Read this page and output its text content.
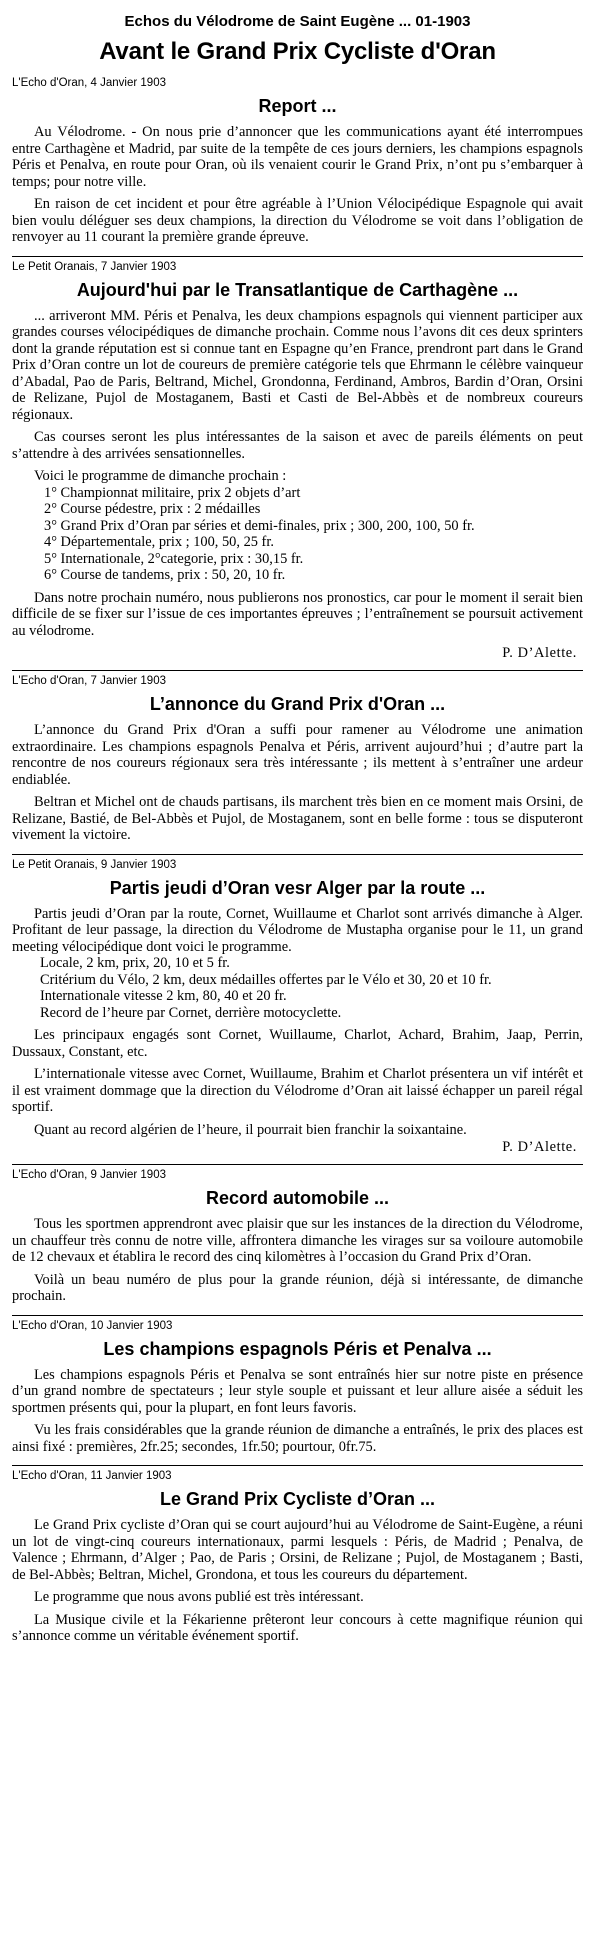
Echos du Vélodrome de Saint Eugène ... 01-1903
Avant le Grand Prix Cycliste d'Oran
L'Echo d'Oran, 4 Janvier 1903
Report ...

Au Vélodrome. - On nous prie d’annoncer que les communications ayant été interrompues entre Carthagène et Madrid, par suite de la tempête de ces jours derniers, les champions espagnols Péris et Penalva, en route pour Oran, où ils venaient courir le Grand Prix, n’ont pu s’embarquer à temps; pour notre ville.

En raison de cet incident et pour être agréable à l’Union Vélocipédique Espagnole qui avait bien voulu déléguer ses deux champions, la direction du Vélodrome se voit dans l’obligation de renvoyer au 11 courant la première grande épreuve.

Le Petit Oranais, 7 Janvier 1903
Aujourd'hui par le Transatlantique de Carthagène ...

... arriveront MM. Péris et Penalva, les deux champions espagnols qui viennent participer aux grandes courses vélocipédiques de dimanche prochain. Comme nous l’avons dit ces deux sprinters dont la grande réputation est si connue tant en Espagne qu’en France, prendront part dans le Grand Prix d’Oran contre un lot de coureurs de première catégorie tels que Ehrmann le célèbre vainqueur d’Abadal, Pao de Paris, Beltrand, Michel, Grondonna, Ferdinand, Ambros, Bardin d’Oran, Orsini de Relizane, Pujol de Mostaganem, Basti et Casti de Bel-Abbès et de nombreux coureurs régionaux.

Cas courses seront les plus intéressantes de la saison et avec de pareils éléments on peut s’attendre à des arrivées sensationnelles.

Voici le programme de dimanche prochain :

1° Championnat militaire, prix 2 objets d’art
2° Course pédestre, prix : 2 médailles
3° Grand Prix d’Oran par séries et demi-finales, prix ; 300, 200, 100, 50 fr.
4° Départementale, prix ; 100, 50, 25 fr.
5° Internationale, 2°categorie, prix : 30,15 fr.
6° Course de tandems, prix : 50, 20, 10 fr.

Dans notre prochain numéro, nous publierons nos pronostics, car pour le moment il serait bien difficile de se fixer sur l’issue de ces importantes épreuves ; l’entraînement se poursuit activement au vélodrome.

P. D’Alette.
L'Echo d'Oran, 7 Janvier 1903
L’annonce du Grand Prix d'Oran ...

L’annonce du Grand Prix d'Oran a suffi pour ramener au Vélodrome une animation extraordinaire. Les champions espagnols Penalva et Péris, arrivent aujourd’hui ; d’autre part la rencontre de nos coureurs régionaux sera très intéressante ; ils mettent à s’entraîner une ardeur endiablée.

Beltran et Michel ont de chauds partisans, ils marchent très bien en ce moment mais Orsini, de Relizane, Bastié, de Bel-Abbès et Pujol, de Mostaganem, sont en belle forme : tous se disputeront vivement la victoire.

Le Petit Oranais, 9 Janvier 1903
Partis jeudi d’Oran vesr Alger par la route ...

Partis jeudi d’Oran par la route, Cornet, Wuillaume et Charlot sont arrivés dimanche à Alger. Profitant de leur passage, la direction du Vélodrome de Mustapha organise pour le 11, un grand meeting vélocipédique dont voici le programme.

Locale, 2 km, prix, 20, 10 et 5 fr.
Critérium du Vélo, 2 km, deux médailles offertes par le Vélo et 30, 20 et 10 fr.
Internationale vitesse 2 km, 80, 40 et 20 fr.
Record de l’heure par Cornet, derrière motocyclette.

Les principaux engagés sont Cornet, Wuillaume, Charlot, Achard, Brahim, Jaap, Perrin, Dussaux, Constant, etc.

L’internationale vitesse avec Cornet, Wuillaume, Brahim et Charlot présentera un vif intérêt et il est vraiment dommage que la direction du Vélodrome d’Oran ait laissé échapper un pareil régal sportif.

Quant au record algérien de l’heure, il pourrait bien franchir la soixantaine.

P. D’Alette.
L'Echo d'Oran, 9 Janvier 1903
Record automobile ...

Tous les sportmen apprendront avec plaisir que sur les instances de la direction du Vélodrome, un chauffeur très connu de notre ville, affrontera dimanche les virages sur sa voiloure automobile de 12 chevaux et établira le record des cinq kilomètres à l’occasion du Grand Prix d’Oran.

Voilà un beau numéro de plus pour la grande réunion, déjà si intéressante, de dimanche prochain.

L'Echo d'Oran, 10 Janvier 1903
Les champions espagnols Péris et Penalva ...

Les champions espagnols Péris et Penalva se sont entraînés hier sur notre piste en présence d’un grand nombre de spectateurs ; leur style souple et puissant et leur allure aisée a séduit les sportmen présents qui, pour la plupart, en font leurs favoris.

Vu les frais considérables que la grande réunion de dimanche a entraînés, le prix des places est ainsi fixé : premières, 2fr.25; secondes, 1fr.50; pourtour, 0fr.75.

L'Echo d'Oran, 11 Janvier 1903
Le Grand Prix Cycliste d’Oran ...

Le Grand Prix cycliste d’Oran qui se court aujourd’hui au Vélodrome de Saint-Eugène, a réuni un lot de vingt-cinq coureurs internationaux, parmi lesquels : Péris, de Madrid ; Penalva, de Valence ; Ehrmann, d’Alger ; Pao, de Paris ; Orsini, de Relizane ; Pujol, de Mostaganem ; Basti, de Bel-Abbès; Beltran, Michel, Grondona, et tous les coureurs du département.

Le programme que nous avons publié est très intéressant.

La Musique civile et la Fékarienne prêteront leur concours à cette magnifique réunion qui s’annonce comme un véritable événement sportif.
